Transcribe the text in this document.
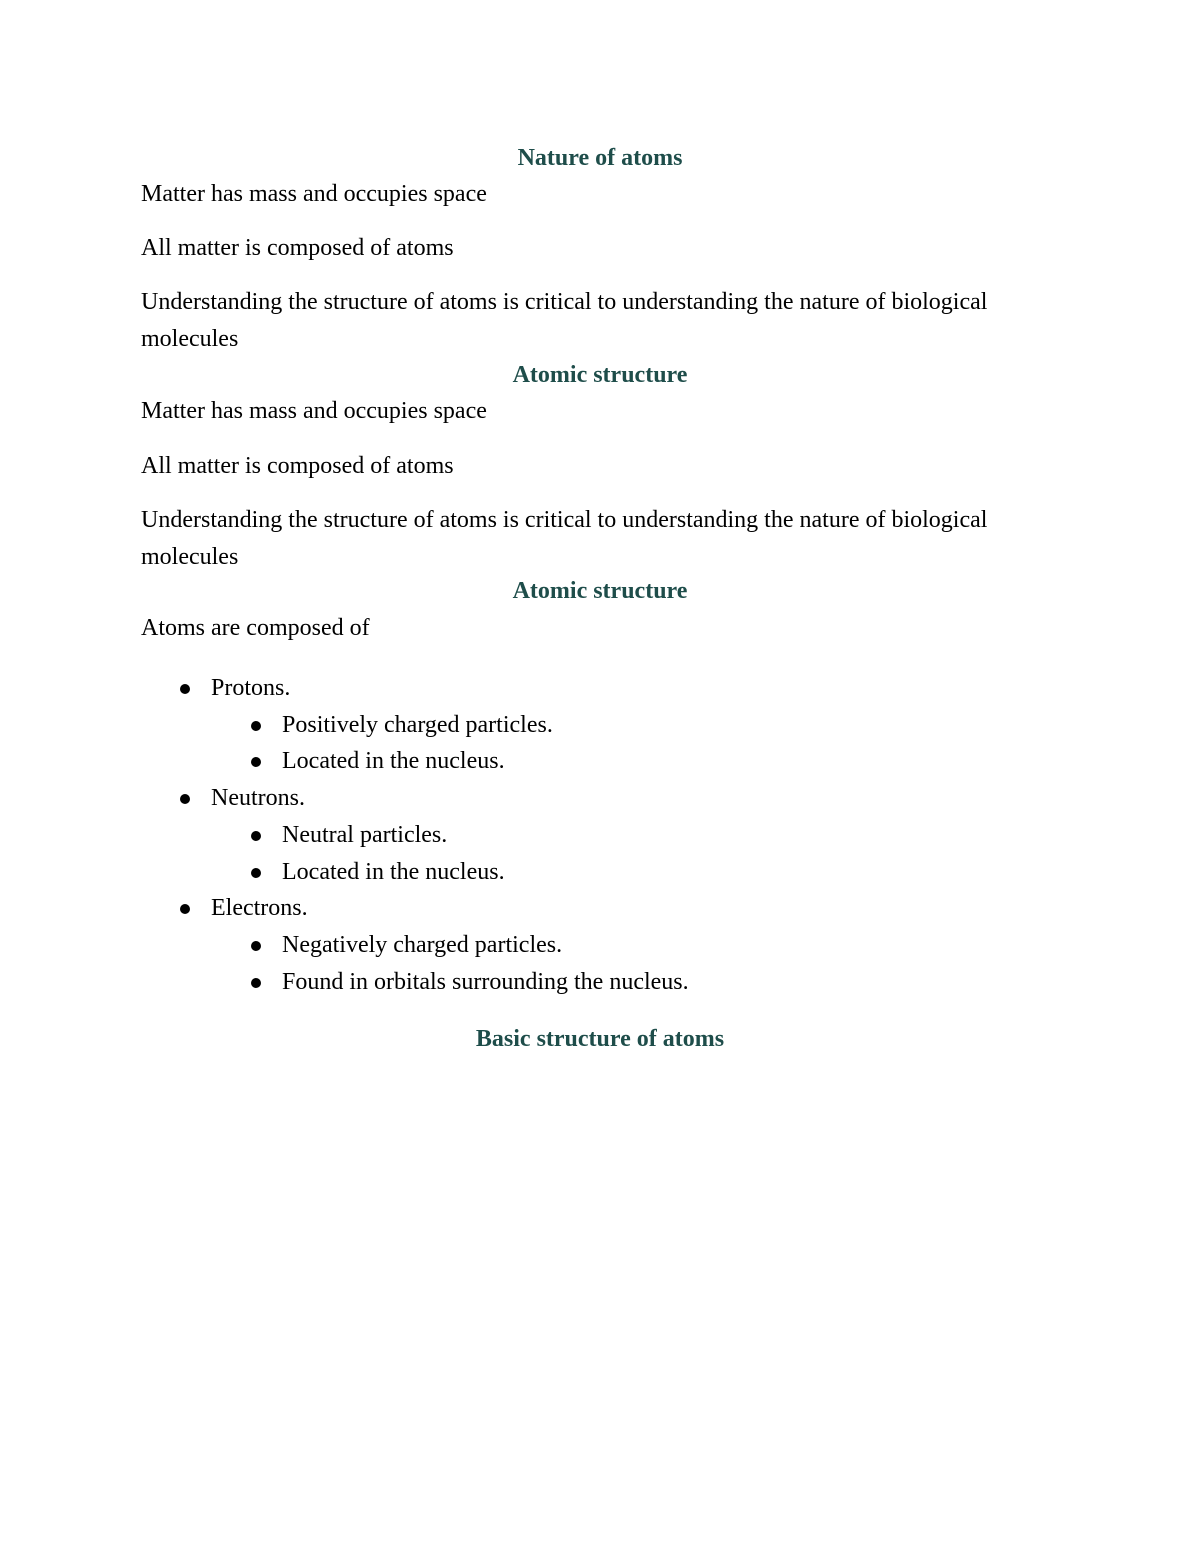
Nature of atoms

Matter has mass and occupies space

All matter is composed of atoms

Understanding the structure of atoms is critical to understanding the nature of biological molecules

Atomic structure

Matter has mass and occupies space

All matter is composed of atoms

Understanding the structure of atoms is critical to understanding the nature of biological molecules

Atomic structure

Atoms are composed of

Protons.
Positively charged particles.
Located in the nucleus.
Neutrons.
Neutral particles.
Located in the nucleus.
Electrons.
Negatively charged particles.
Found in orbitals surrounding the nucleus.
Basic structure of atoms
